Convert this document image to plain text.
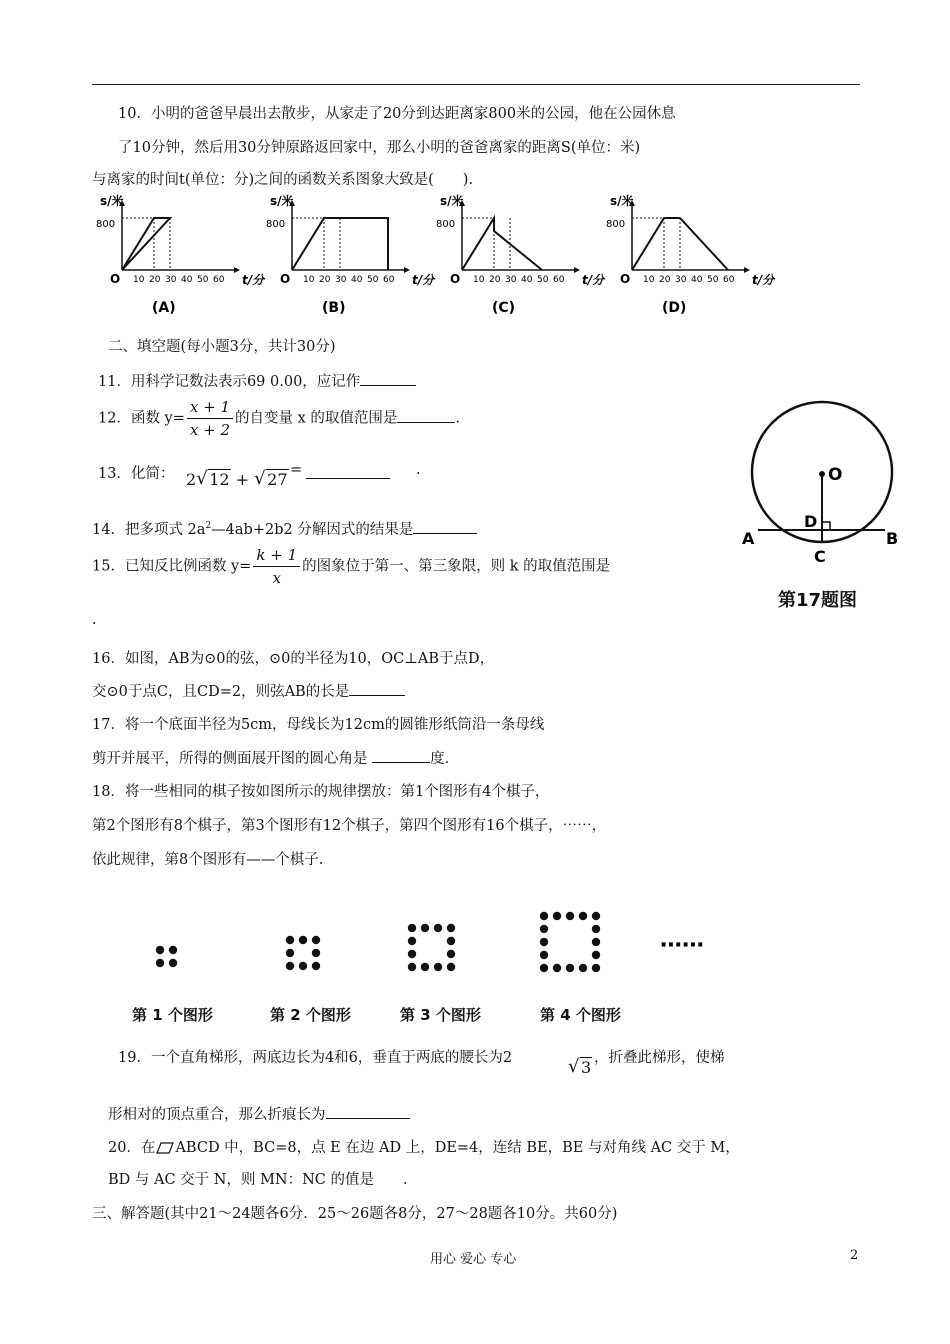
10．小明的爸爸早晨出去散步，从家走了20分到达距离家800米的公园，他在公园休息
了10分钟，然后用30分钟原路返回家中，那么小明的爸爸离家的距离S(单位：米)
与离家的时间t(单位：分)之间的函数关系图象大致是(　　).
s/米
800
O 10 20 30 40 50 60 t/分
(A)
s/米
800
O 10 20 30 40 50 60 t/分
(B)
s/米
800
O 10 20 30 40 50 60 t/分
(C)
s/米
800
O 10 20 30 40 50 60 t/分
(D)
二、填空题(每小题3分，共计30分)
11．用科学记数法表示69 0.00，应记作
12．函数 $y= \frac{x + 1}{x + 2}$ 的自变量 x 的取值范围是	.
13．化简： 2 √ 12 + √ 27 =	.
14．把多项式 $2a^2—4ab+2b2$ 分解因式的结果是
15．已知反比例函数 $y= \frac{k + 1}{x}$ 的图象位于第一、第三象限，则 k 的取值范围是
.
16．如图，AB为⊙0的弦，⊙0的半径为10，OC⊥AB于点D，
交⊙0于点C，且CD=2，则弦AB的长是
O
D
A	B
C
第17题图
17．将一个底面半径为5cm，母线长为12cm的圆锥形纸筒沿一条母线
剪开并展平，所得的侧面展开图的圆心角是	度.
18．将一些相同的棋子按如图所示的规律摆放：第1个图形有4个棋子，
第2个图形有8个棋子，第3个图形有12个棋子，第四个图形有16个棋子，⋯⋯，
依此规律，第8个图形有——个棋子.
⋯⋯
第 1 个图形	第 2 个图形	第 3 个图形	第 4 个图形
19．一个直角梯形，两底边长为4和6，垂直于两底的腰长为2	√ 3 ，折叠此梯形，使梯
形相对的顶点重合，那么折痕长为
20．在 ABCD 中，BC=8，点 E 在边 AD 上，DE=4，连结 BE，BE 与对角线 AC 交于 M，
BD 与 AC 交于 N，则 MN：NC 的值是　　.
三、解答题(其中21～24题各6分．25～26题各8分，27～28题各10分。共60分)
用心 爱心 专心	2
